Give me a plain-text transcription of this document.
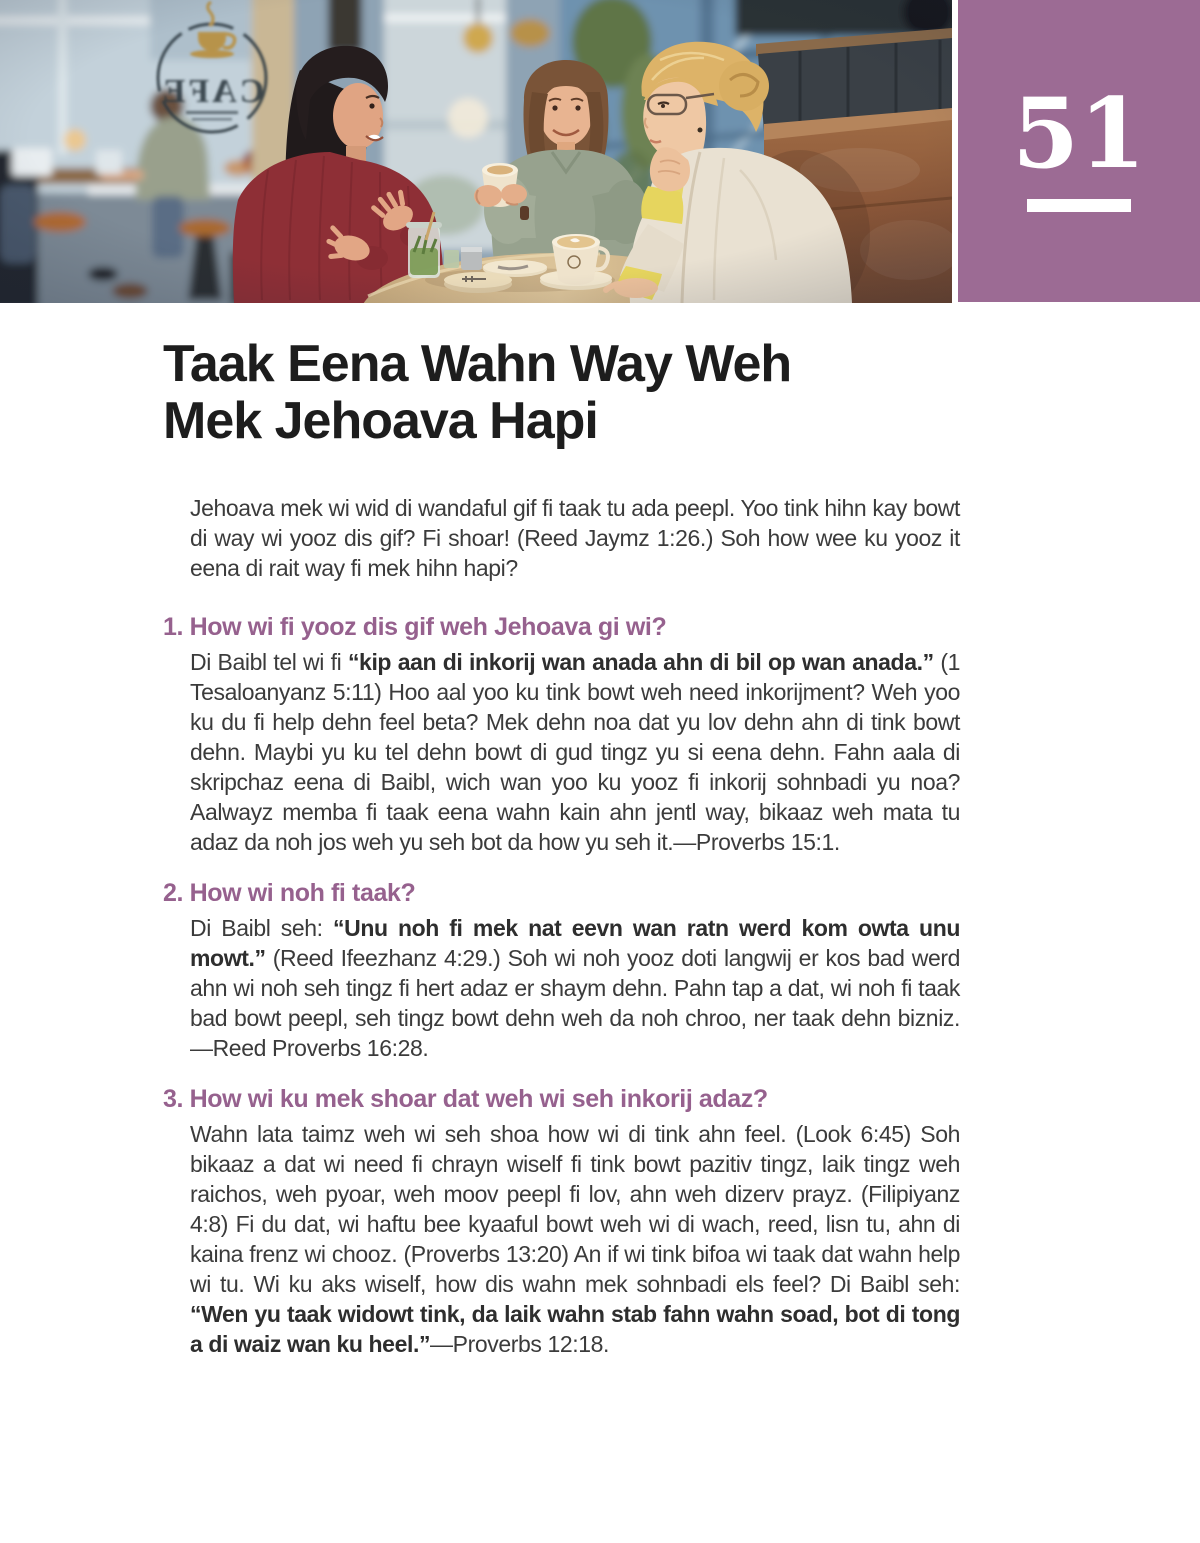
51
Taak Eena Wahn Way Weh
Mek Jehoava Hapi

Jehoava mek wi wid di wandaful gif fi taak tu ada peepl. Yoo tink hihn kay bowt di way wi yooz dis gif? Fi shoar! (Reed Jaymz 1:26.) Soh how wee ku yooz it eena di rait way fi mek hihn hapi?

1. How wi fi yooz dis gif weh Jehoava gi wi?

Di Baibl tel wi fi “kip aan di inkorij wan anada ahn di bil op wan anada.” (1 Tesaloanyanz 5:11) Hoo aal yoo ku tink bowt weh need inkorijment? Weh yoo ku du fi help dehn feel beta? Mek dehn noa dat yu lov dehn ahn di tink bowt dehn. Maybi yu ku tel dehn bowt di gud tingz yu si eena dehn. Fahn aala di skripchaz eena di Baibl, wich wan yoo ku yooz fi inkorij sohnbadi yu noa? Aalwayz memba fi taak eena wahn kain ahn jentl way, bikaaz weh mata tu adaz da noh jos weh yu seh bot da how yu seh it.—Proverbs 15:1.

2. How wi noh fi taak?

Di Baibl seh: “Unu noh fi mek nat eevn wan ratn werd kom owta unu mowt.” (Reed Ifeezhanz 4:29.) Soh wi noh yooz doti langwij er kos bad werd ahn wi noh seh tingz fi hert adaz er shaym dehn. Pahn tap a dat, wi noh fi taak bad bowt peepl, seh tingz bowt dehn weh da noh chroo, ner taak dehn bizniz.—Reed Proverbs 16:28.

3. How wi ku mek shoar dat weh wi seh inkorij adaz?

Wahn lata taimz weh wi seh shoa how wi di tink ahn feel. (Look 6:45) Soh bikaaz a dat wi need fi chrayn wiself fi tink bowt pazitiv tingz, laik tingz weh raichos, weh pyoar, weh moov peepl fi lov, ahn weh dizerv prayz. (Filipiyanz 4:8) Fi du dat, wi haftu bee kyaaful bowt weh wi di wach, reed, lisn tu, ahn di kaina frenz wi chooz. (Proverbs 13:20) An if wi tink bifoa wi taak dat wahn help wi tu. Wi ku aks wiself, how dis wahn mek sohnbadi els feel? Di Baibl seh: “Wen yu taak widowt tink, da laik wahn stab fahn wahn soad, bot di tong a di waiz wan ku heel.”—Proverbs 12:18.
